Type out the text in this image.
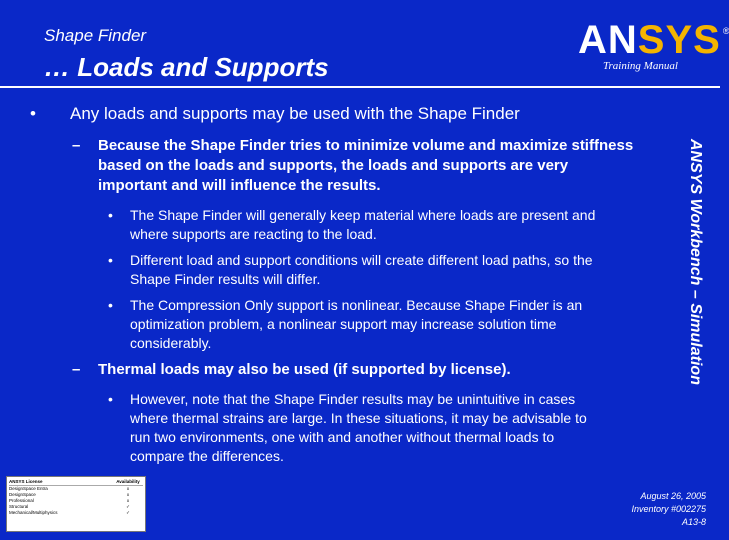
Shape Finder
… Loads and Supports
AN SYS ®
Training Manual
ANSYS Workbench – Simulation
•	Any loads and supports may be used with the Shape Finder
–	Because the Shape Finder tries to minimize volume and maximize stiffness based on the loads and supports, the loads and supports are very important and will influence the results.
•	The Shape Finder will generally keep material where loads are present and where supports are reacting to the load.
•	Different load and support conditions will create different load paths, so the Shape Finder results will differ.
•	The Compression Only support is nonlinear. Because Shape Finder is an optimization problem, a nonlinear support may increase solution time considerably.
–	Thermal loads may also be used (if supported by license).
•	However, note that the Shape Finder results may be unintuitive in cases where thermal strains are large. In these situations, it may be advisable to run two environments, one with and another without thermal loads to compare the differences.
ANSYS License	Availability
DesignSpace Entra	x
DesignSpace	x
Professional	x
Structural	✓
Mechanical/Multiphysics	✓
August 26, 2005
Inventory #002275
A13-8
